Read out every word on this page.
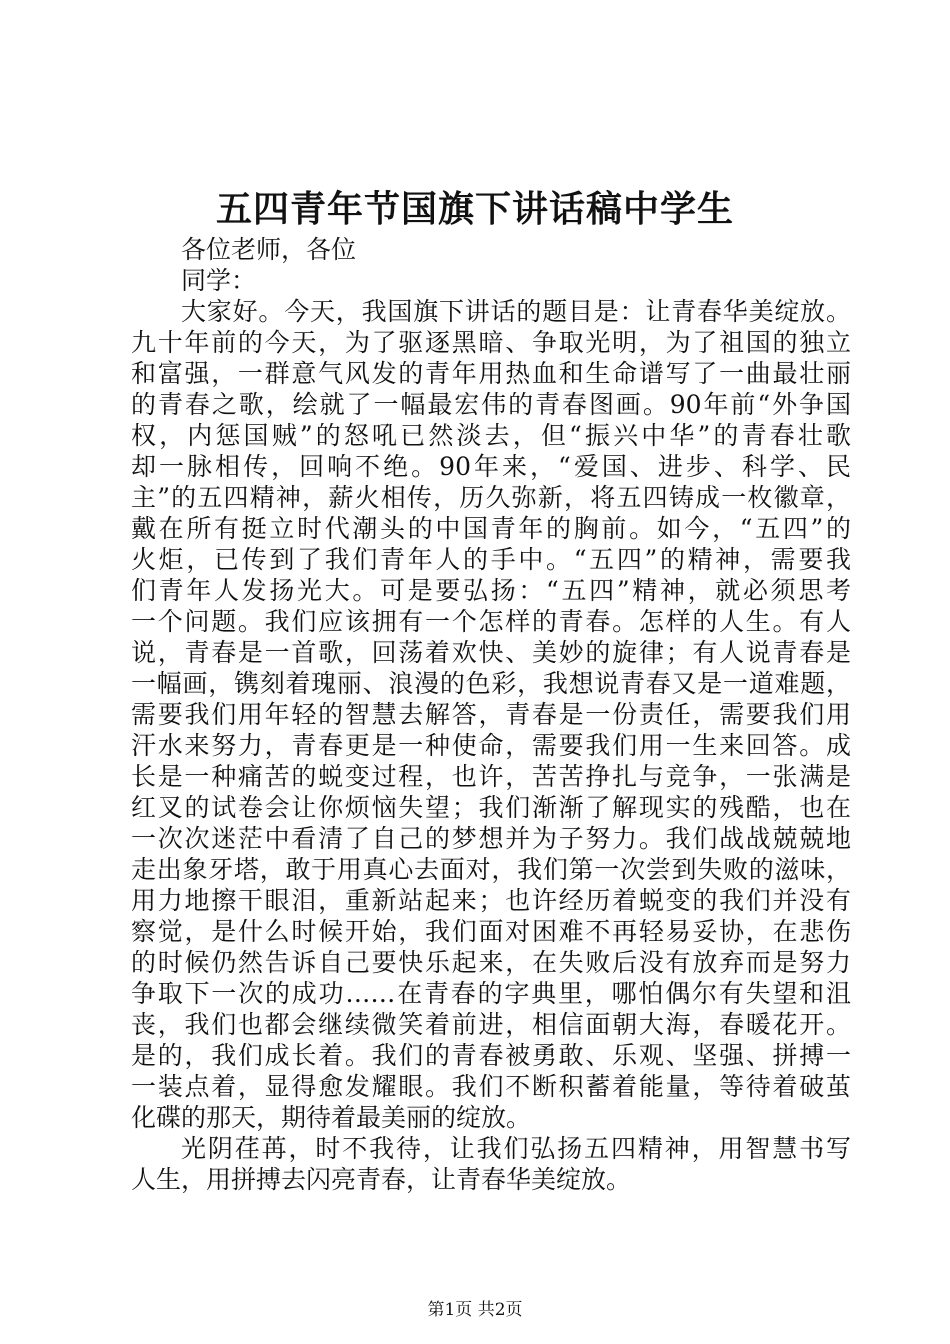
五四青年节国旗下讲话稿中学生
各位老师，各位
同学：
大家好。今天，我国旗下讲话的题目是：让青春华美绽放。
九十年前的今天，为了驱逐黑暗、争取光明，为了祖国的独立
和富强，一群意气风发的青年用热血和生命谱写了一曲最壮丽
的青春之歌，绘就了一幅最宏伟的青春图画。90年前“外争国
权，内惩国贼”的怒吼已然淡去，但“振兴中华”的青春壮歌
却一脉相传，回响不绝。90年来，“爱国、进步、科学、民
主”的五四精神，薪火相传，历久弥新，将五四铸成一枚徽章，
戴在所有挺立时代潮头的中国青年的胸前。如今，“五四”的
火炬，已传到了我们青年人的手中。“五四”的精神，需要我
们青年人发扬光大。可是要弘扬：“五四”精神，就必须思考
一个问题。我们应该拥有一个怎样的青春。怎样的人生。有人
说，青春是一首歌，回荡着欢快、美妙的旋律；有人说青春是
一幅画，镌刻着瑰丽、浪漫的色彩，我想说青春又是一道难题，
需要我们用年轻的智慧去解答，青春是一份责任，需要我们用
汗水来努力，青春更是一种使命，需要我们用一生来回答。成
长是一种痛苦的蜕变过程，也许，苦苦挣扎与竞争，一张满是
红叉的试卷会让你烦恼失望；我们渐渐了解现实的残酷，也在
一次次迷茫中看清了自己的梦想并为子努力。我们战战兢兢地
走出象牙塔，敢于用真心去面对，我们第一次尝到失败的滋味，
用力地擦干眼泪，重新站起来；也许经历着蜕变的我们并没有
察觉，是什么时候开始，我们面对困难不再轻易妥协，在悲伤
的时候仍然告诉自己要快乐起来，在失败后没有放弃而是努力
争取下一次的成功……在青春的字典里，哪怕偶尔有失望和沮
丧，我们也都会继续微笑着前进，相信面朝大海，春暖花开。
是的，我们成长着。我们的青春被勇敢、乐观、坚强、拼搏一
一装点着，显得愈发耀眼。我们不断积蓄着能量，等待着破茧
化碟的那天，期待着最美丽的绽放。
光阴荏苒，时不我待，让我们弘扬五四精神，用智慧书写
人生，用拼搏去闪亮青春，让青春华美绽放。
第1页 共2页
